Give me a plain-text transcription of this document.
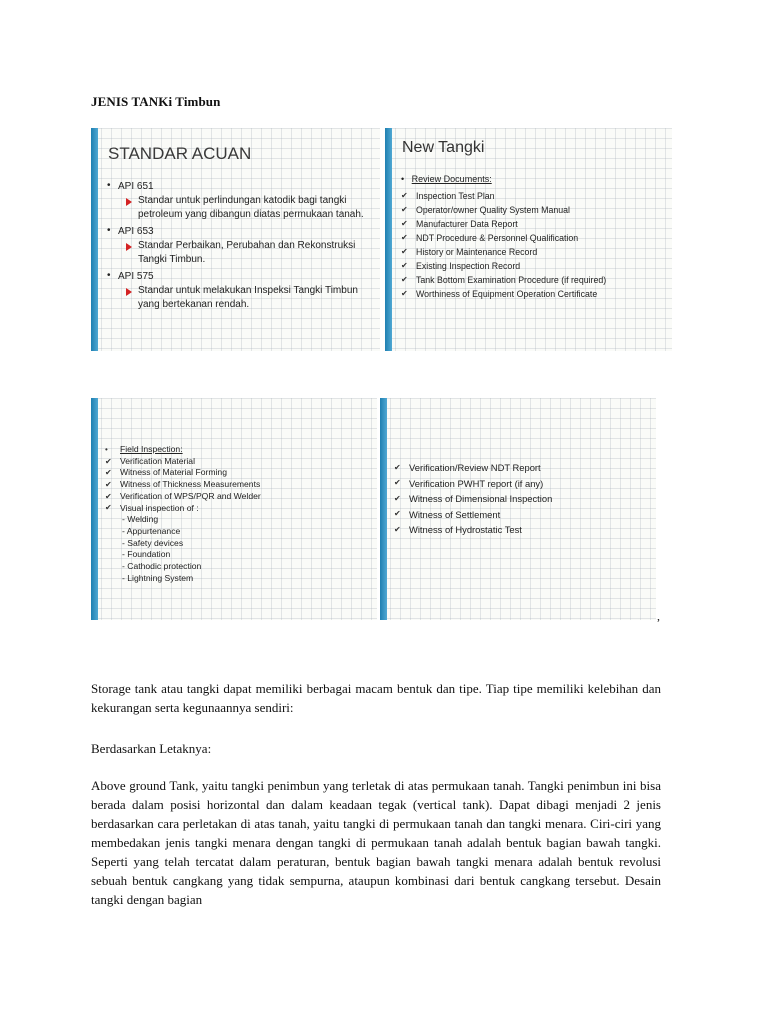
JENIS TANKi Timbun
STANDAR ACUAN
• API 651
Standar untuk perlindungan katodik bagi tangki petroleum yang dibangun diatas permukaan tanah.
• API 653
Standar Perbaikan, Perubahan dan Rekonstruksi Tangki Timbun.
• API 575
Standar untuk melakukan Inspeksi Tangki Timbun yang bertekanan rendah.
New Tangki
• Review Documents:
✔ Inspection Test Plan
✔ Operator/owner Quality System Manual
✔ Manufacturer Data Report
✔ NDT Procedure & Personnel Qualification
✔ History or Maintenance Record
✔ Existing Inspection Record
✔ Tank Bottom Examination Procedure (if required)
✔ Worthiness of Equipment Operation Certificate
•	Field Inspection:
✔ Verification Material
✔ Witness of Material Forming
✔ Witness of Thickness Measurements
✔ Verification of WPS/PQR and Welder
✔ Visual inspection of :
- Welding
- Appurtenance
- Safety devices
- Foundation
- Cathodic protection
- Lightning System
✔ Verification/Review NDT Report
✔ Verification PWHT report (if any)
✔ Witness of Dimensional Inspection
✔ Witness of Settlement
✔ Witness of Hydrostatic Test
,

Storage tank atau tangki dapat memiliki berbagai macam bentuk dan tipe. Tiap tipe memiliki kelebihan dan kekurangan serta kegunaannya sendiri:

Berdasarkan Letaknya:

Above ground Tank, yaitu tangki penimbun yang terletak di atas permukaan tanah. Tangki penimbun ini bisa berada dalam posisi horizontal dan dalam keadaan tegak (vertical tank). Dapat dibagi menjadi 2 jenis berdasarkan cara perletakan di atas tanah, yaitu tangki di permukaan tanah dan tangki menara. Ciri-ciri yang membedakan jenis tangki menara dengan tangki di permukaan tanah adalah bentuk bagian bawah tangki. Seperti yang telah tercatat dalam peraturan, bentuk bagian bawah tangki menara adalah bentuk revolusi sebuah bentuk cangkang yang tidak sempurna, ataupun kombinasi dari bentuk cangkang tersebut. Desain tangki dengan bagian
